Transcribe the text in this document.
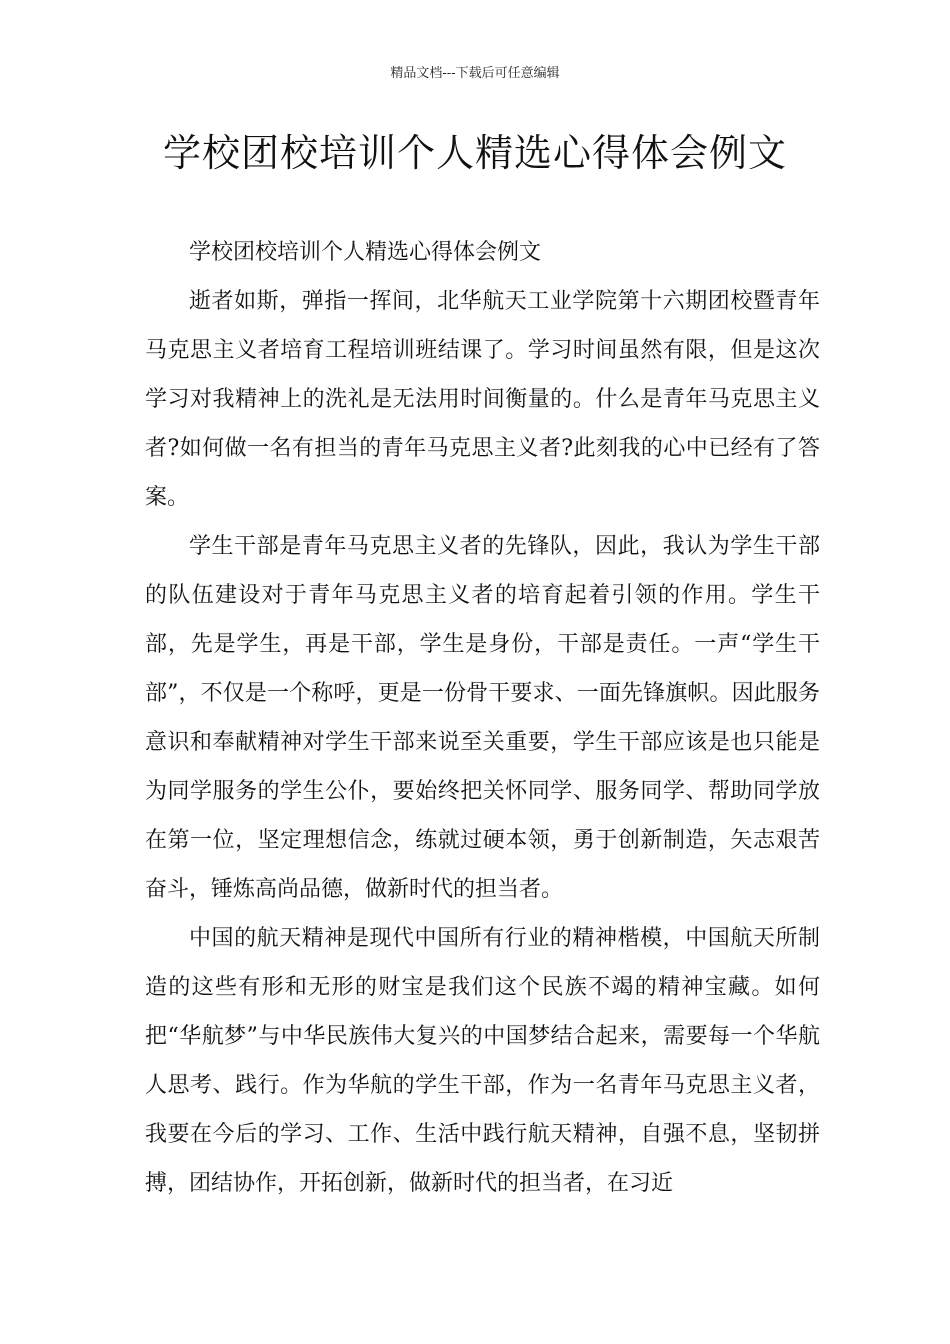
精品文档---下载后可任意编辑
学校团校培训个人精选心得体会例文

学校团校培训个人精选心得体会例文

逝者如斯，弹指一挥间，北华航天工业学院第十六期团校暨青年马克思主义者培育工程培训班结课了。学习时间虽然有限，但是这次学习对我精神上的洗礼是无法用时间衡量的。什么是青年马克思主义者?如何做一名有担当的青年马克思主义者?此刻我的心中已经有了答案。

学生干部是青年马克思主义者的先锋队，因此，我认为学生干部的队伍建设对于青年马克思主义者的培育起着引领的作用。学生干部，先是学生，再是干部，学生是身份，干部是责任。一声“学生干部”，不仅是一个称呼，更是一份骨干要求、一面先锋旗帜。因此服务意识和奉献精神对学生干部来说至关重要，学生干部应该是也只能是为同学服务的学生公仆，要始终把关怀同学、服务同学、帮助同学放在第一位，坚定理想信念，练就过硬本领，勇于创新制造，矢志艰苦奋斗，锤炼高尚品德，做新时代的担当者。

中国的航天精神是现代中国所有行业的精神楷模，中国航天所制造的这些有形和无形的财宝是我们这个民族不竭的精神宝藏。如何把“华航梦”与中华民族伟大复兴的中国梦结合起来，需要每一个华航人思考、践行。作为华航的学生干部，作为一名青年马克思主义者，我要在今后的学习、工作、生活中践行航天精神，自强不息，坚韧拼搏，团结协作，开拓创新，做新时代的担当者，在习近
